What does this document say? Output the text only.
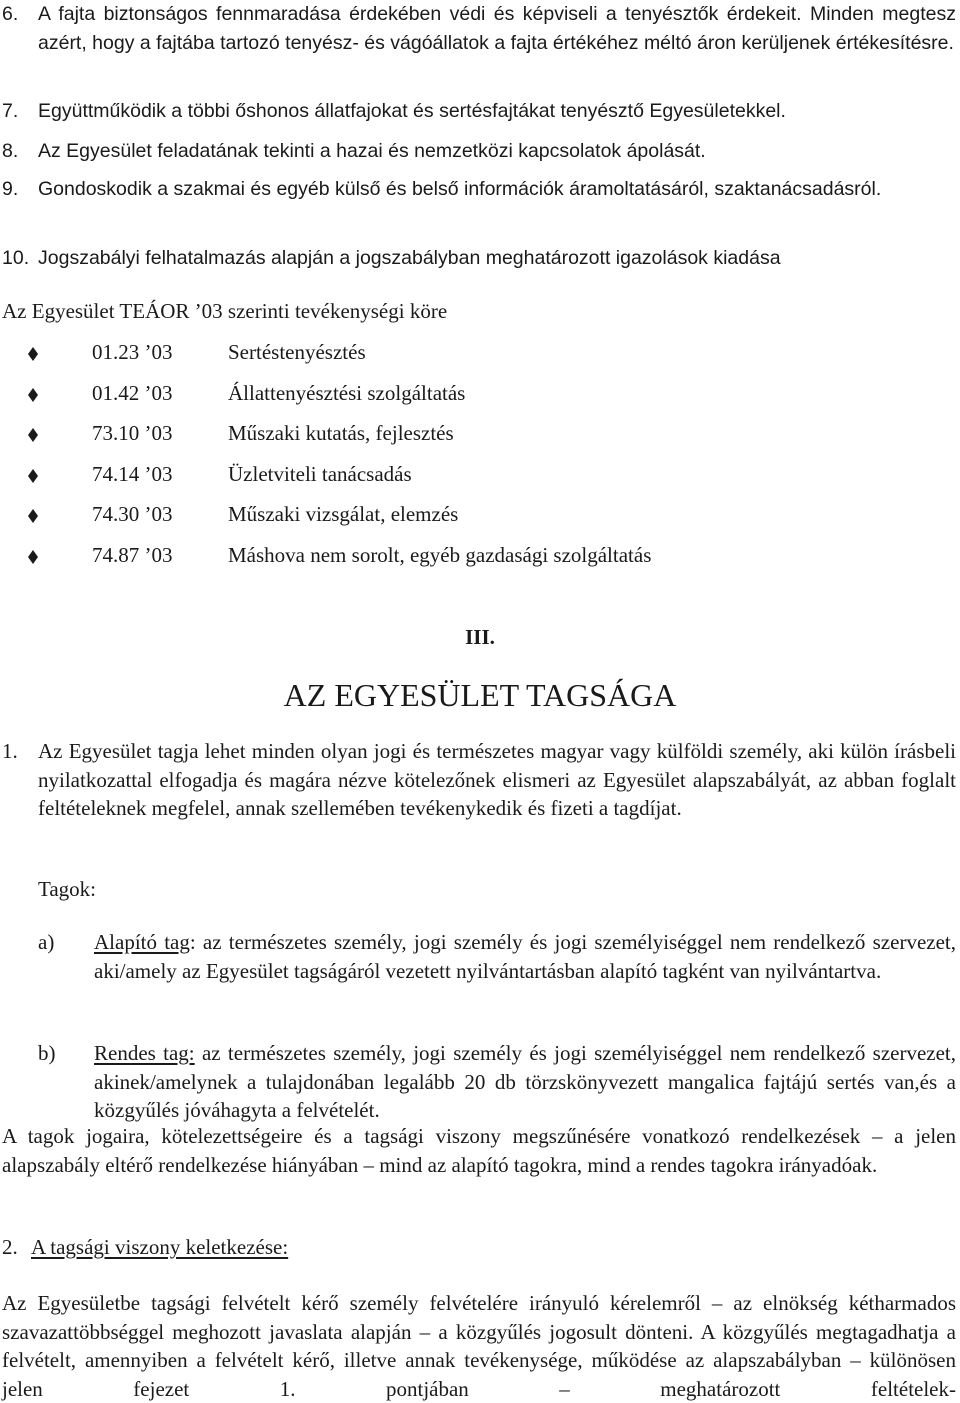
6. A fajta biztonságos fennmaradása érdekében védi és képviseli a tenyésztők érdekeit. Minden megtesz azért, hogy a fajtába tartozó tenyész- és vágóállatok a fajta értékéhez méltó áron kerüljenek értékesítésre.
7. Együttműködik a többi őshonos állatfajokat és sertésfajtákat tenyésztő Egyesületekkel.
8. Az Egyesület feladatának tekinti a hazai és nemzetközi kapcsolatok ápolását.
9. Gondoskodik a szakmai és egyéb külső és belső információk áramoltatásáról, szaktanácsadásról.
10. Jogszabályi felhatalmazás alapján a jogszabályban meghatározott igazolások kiadása
Az Egyesület TEÁOR ’03 szerinti tevékenységi köre
01.23 ’03	Sertéstenyésztés
01.42 ’03	Állattenyésztési szolgáltatás
73.10 ’03	Műszaki kutatás, fejlesztés
74.14 ’03	Üzletviteli tanácsadás
74.30 ’03	Műszaki vizsgálat, elemzés
74.87 ’03	Máshova nem sorolt, egyéb gazdasági szolgáltatás
III.
AZ EGYESÜLET TAGSÁGA
1. Az Egyesület tagja lehet minden olyan jogi és természetes magyar vagy külföldi személy, aki külön írásbeli nyilatkozattal elfogadja és magára nézve kötelezőnek elismeri az Egyesület alapszabályát, az abban foglalt feltételeknek megfelel, annak szellemében tevékenykedik és fizeti a tagdíjat.
Tagok:
a) Alapító tag: az természetes személy, jogi személy és jogi személyiséggel nem rendelkező szervezet, aki/amely az Egyesület tagságáról vezetett nyilvántartásban alapító tagként van nyilvántartva.
b) Rendes tag: az természetes személy, jogi személy és jogi személyiséggel nem rendelkező szervezet, akinek/amelynek a tulajdonában legalább 20 db törzskönyvezett mangalica fajtájú sertés van,és a közgyűlés jóváhagyta a felvételét.
A tagok jogaira, kötelezettségeire és a tagsági viszony megszűnésére vonatkozó rendelkezések – a jelen alapszabály eltérő rendelkezése hiányában – mind az alapító tagokra, mind a rendes tagokra irányadóak.
2. A tagsági viszony keletkezése:
Az Egyesületbe tagsági felvételt kérő személy felvételére irányuló kérelemről – az elnökség kétharmados szavazattöbbséggel meghozott javaslata alapján – a közgyűlés jogosult dönteni. A közgyűlés megtagadhatja a felvételt, amennyiben a felvételt kérő, illetve annak tevékenysége, működése az alapszabályban – különösen jelen fejezet 1. pontjában – meghatározott feltételek-
